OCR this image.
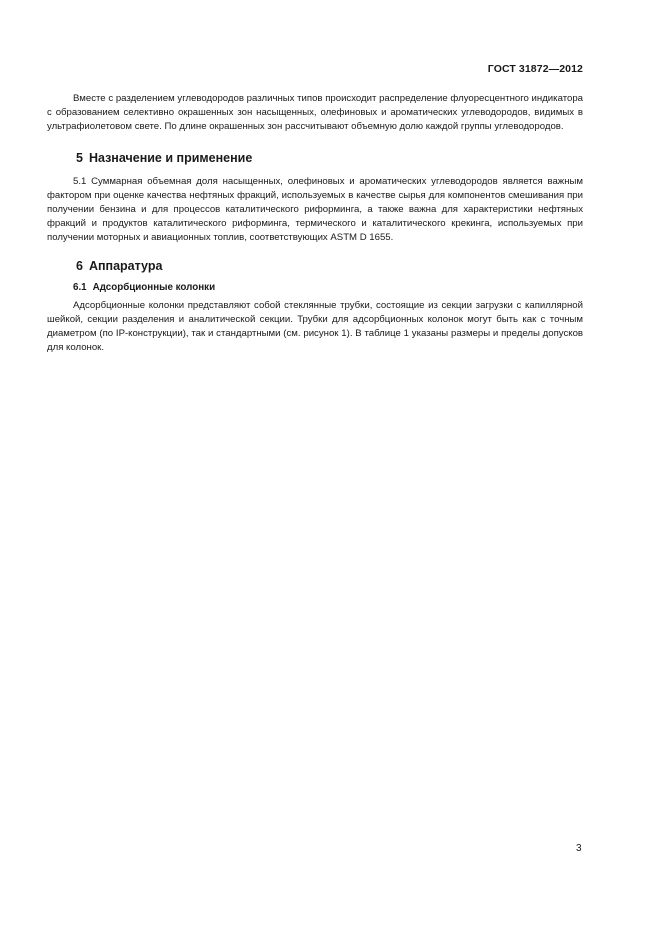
ГОСТ 31872—2012

Вместе с разделением углеводородов различных типов происходит распределение флуоресцентного индикатора с образованием селективно окрашенных зон насыщенных, олефиновых и ароматических углеводородов, видимых в ультрафиолетовом свете. По длине окрашенных зон рассчитывают объемную долю каждой группы углеводородов.

5 Назначение и применение

5.1 Суммарная объемная доля насыщенных, олефиновых и ароматических углеводородов является важным фактором при оценке качества нефтяных фракций, используемых в качестве сырья для компонентов смешивания при получении бензина и для процессов каталитического риформинга, а также важна для характеристики нефтяных фракций и продуктов каталитического риформинга, термического и каталитического крекинга, используемых при получении моторных и авиационных топлив, соответствующих ASTM D 1655.

6 Аппаратура
6.1 Адсорбционные колонки

Адсорбционные колонки представляют собой стеклянные трубки, состоящие из секции загрузки с капиллярной шейкой, секции разделения и аналитической секции. Трубки для адсорбционных колонок могут быть как с точным диаметром (по IP-конструкции), так и стандартными (см. рисунок 1). В таблице 1 указаны размеры и пределы допусков для колонок.

3
